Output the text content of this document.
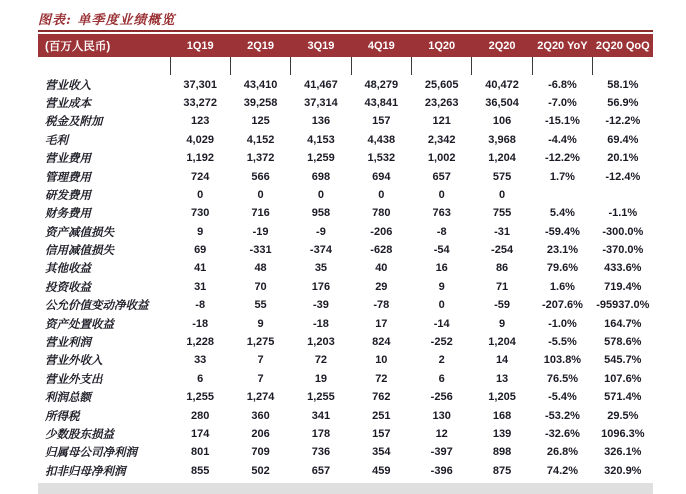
图表: 单季度业绩概览
(百万人民币)	1Q19	2Q19	3Q19	4Q19	1Q20	2Q20	2Q20 YoY	2Q20 QoQ

营业收入	37,301	43,410	41,467	48,279	25,605	40,472	-6.8%	58.1%
营业成本	33,272	39,258	37,314	43,841	23,263	36,504	-7.0%	56.9%
税金及附加	123	125	136	157	121	106	-15.1%	-12.2%
毛利	4,029	4,152	4,153	4,438	2,342	3,968	-4.4%	69.4%
营业费用	1,192	1,372	1,259	1,532	1,002	1,204	-12.2%	20.1%
管理费用	724	566	698	694	657	575	1.7%	-12.4%
研发费用	0	0	0	0	0	0		
财务费用	730	716	958	780	763	755	5.4%	-1.1%
资产减值损失	9	-19	-9	-206	-8	-31	-59.4%	-300.0%
信用减值损失	69	-331	-374	-628	-54	-254	23.1%	-370.0%
其他收益	41	48	35	40	16	86	79.6%	433.6%
投资收益	31	70	176	29	9	71	1.6%	719.4%
公允价值变动净收益	-8	55	-39	-78	0	-59	-207.6%	-95937.0%
资产处置收益	-18	9	-18	17	-14	9	-1.0%	164.7%
营业利润	1,228	1,275	1,203	824	-252	1,204	-5.5%	578.6%
营业外收入	33	7	72	10	2	14	103.8%	545.7%
营业外支出	6	7	19	72	6	13	76.5%	107.6%
利润总额	1,255	1,274	1,255	762	-256	1,205	-5.4%	571.4%
所得税	280	360	341	251	130	168	-53.2%	29.5%
少数股东损益	174	206	178	157	12	139	-32.6%	1096.3%
归属母公司净利润	801	709	736	354	-397	898	26.8%	326.1%
扣非归母净利润	855	502	657	459	-396	875	74.2%	320.9%
